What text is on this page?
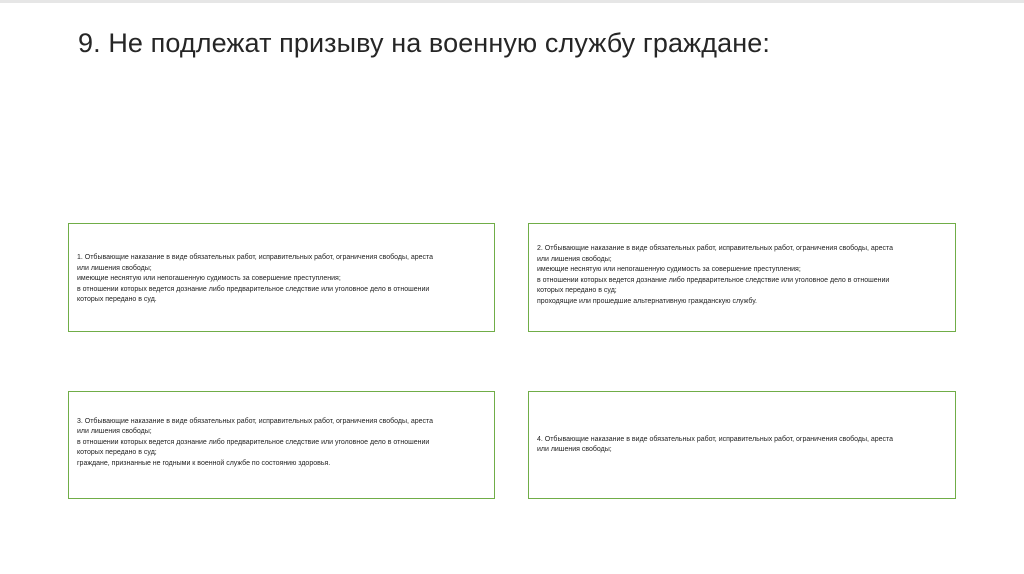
9. Не подлежат призыву на военную службу граждане:
1. Отбывающие наказание в виде обязательных работ, исправительных работ, ограничения свободы, ареста
или лишения свободы;
имеющие неснятую или непогашенную судимость за совершение преступления;
в отношении которых ведется дознание либо предварительное следствие или уголовное дело в отношении
которых передано в суд.
2. Отбывающие наказание в виде обязательных работ, исправительных работ, ограничения свободы, ареста
или лишения свободы;
имеющие неснятую или непогашенную судимость за совершение преступления;
в отношении которых ведется дознание либо предварительное следствие или уголовное дело в отношении
которых передано в суд;
проходящие или прошедшие альтернативную гражданскую службу.
3. Отбывающие наказание в виде обязательных работ, исправительных работ, ограничения свободы, ареста
или лишения свободы;
в отношении которых ведется дознание либо предварительное следствие или уголовное дело в отношении
которых передано в суд;
граждане, признанные не годными к военной службе по состоянию здоровья.
4. Отбывающие наказание в виде обязательных работ, исправительных работ, ограничения свободы, ареста
или лишения свободы;
